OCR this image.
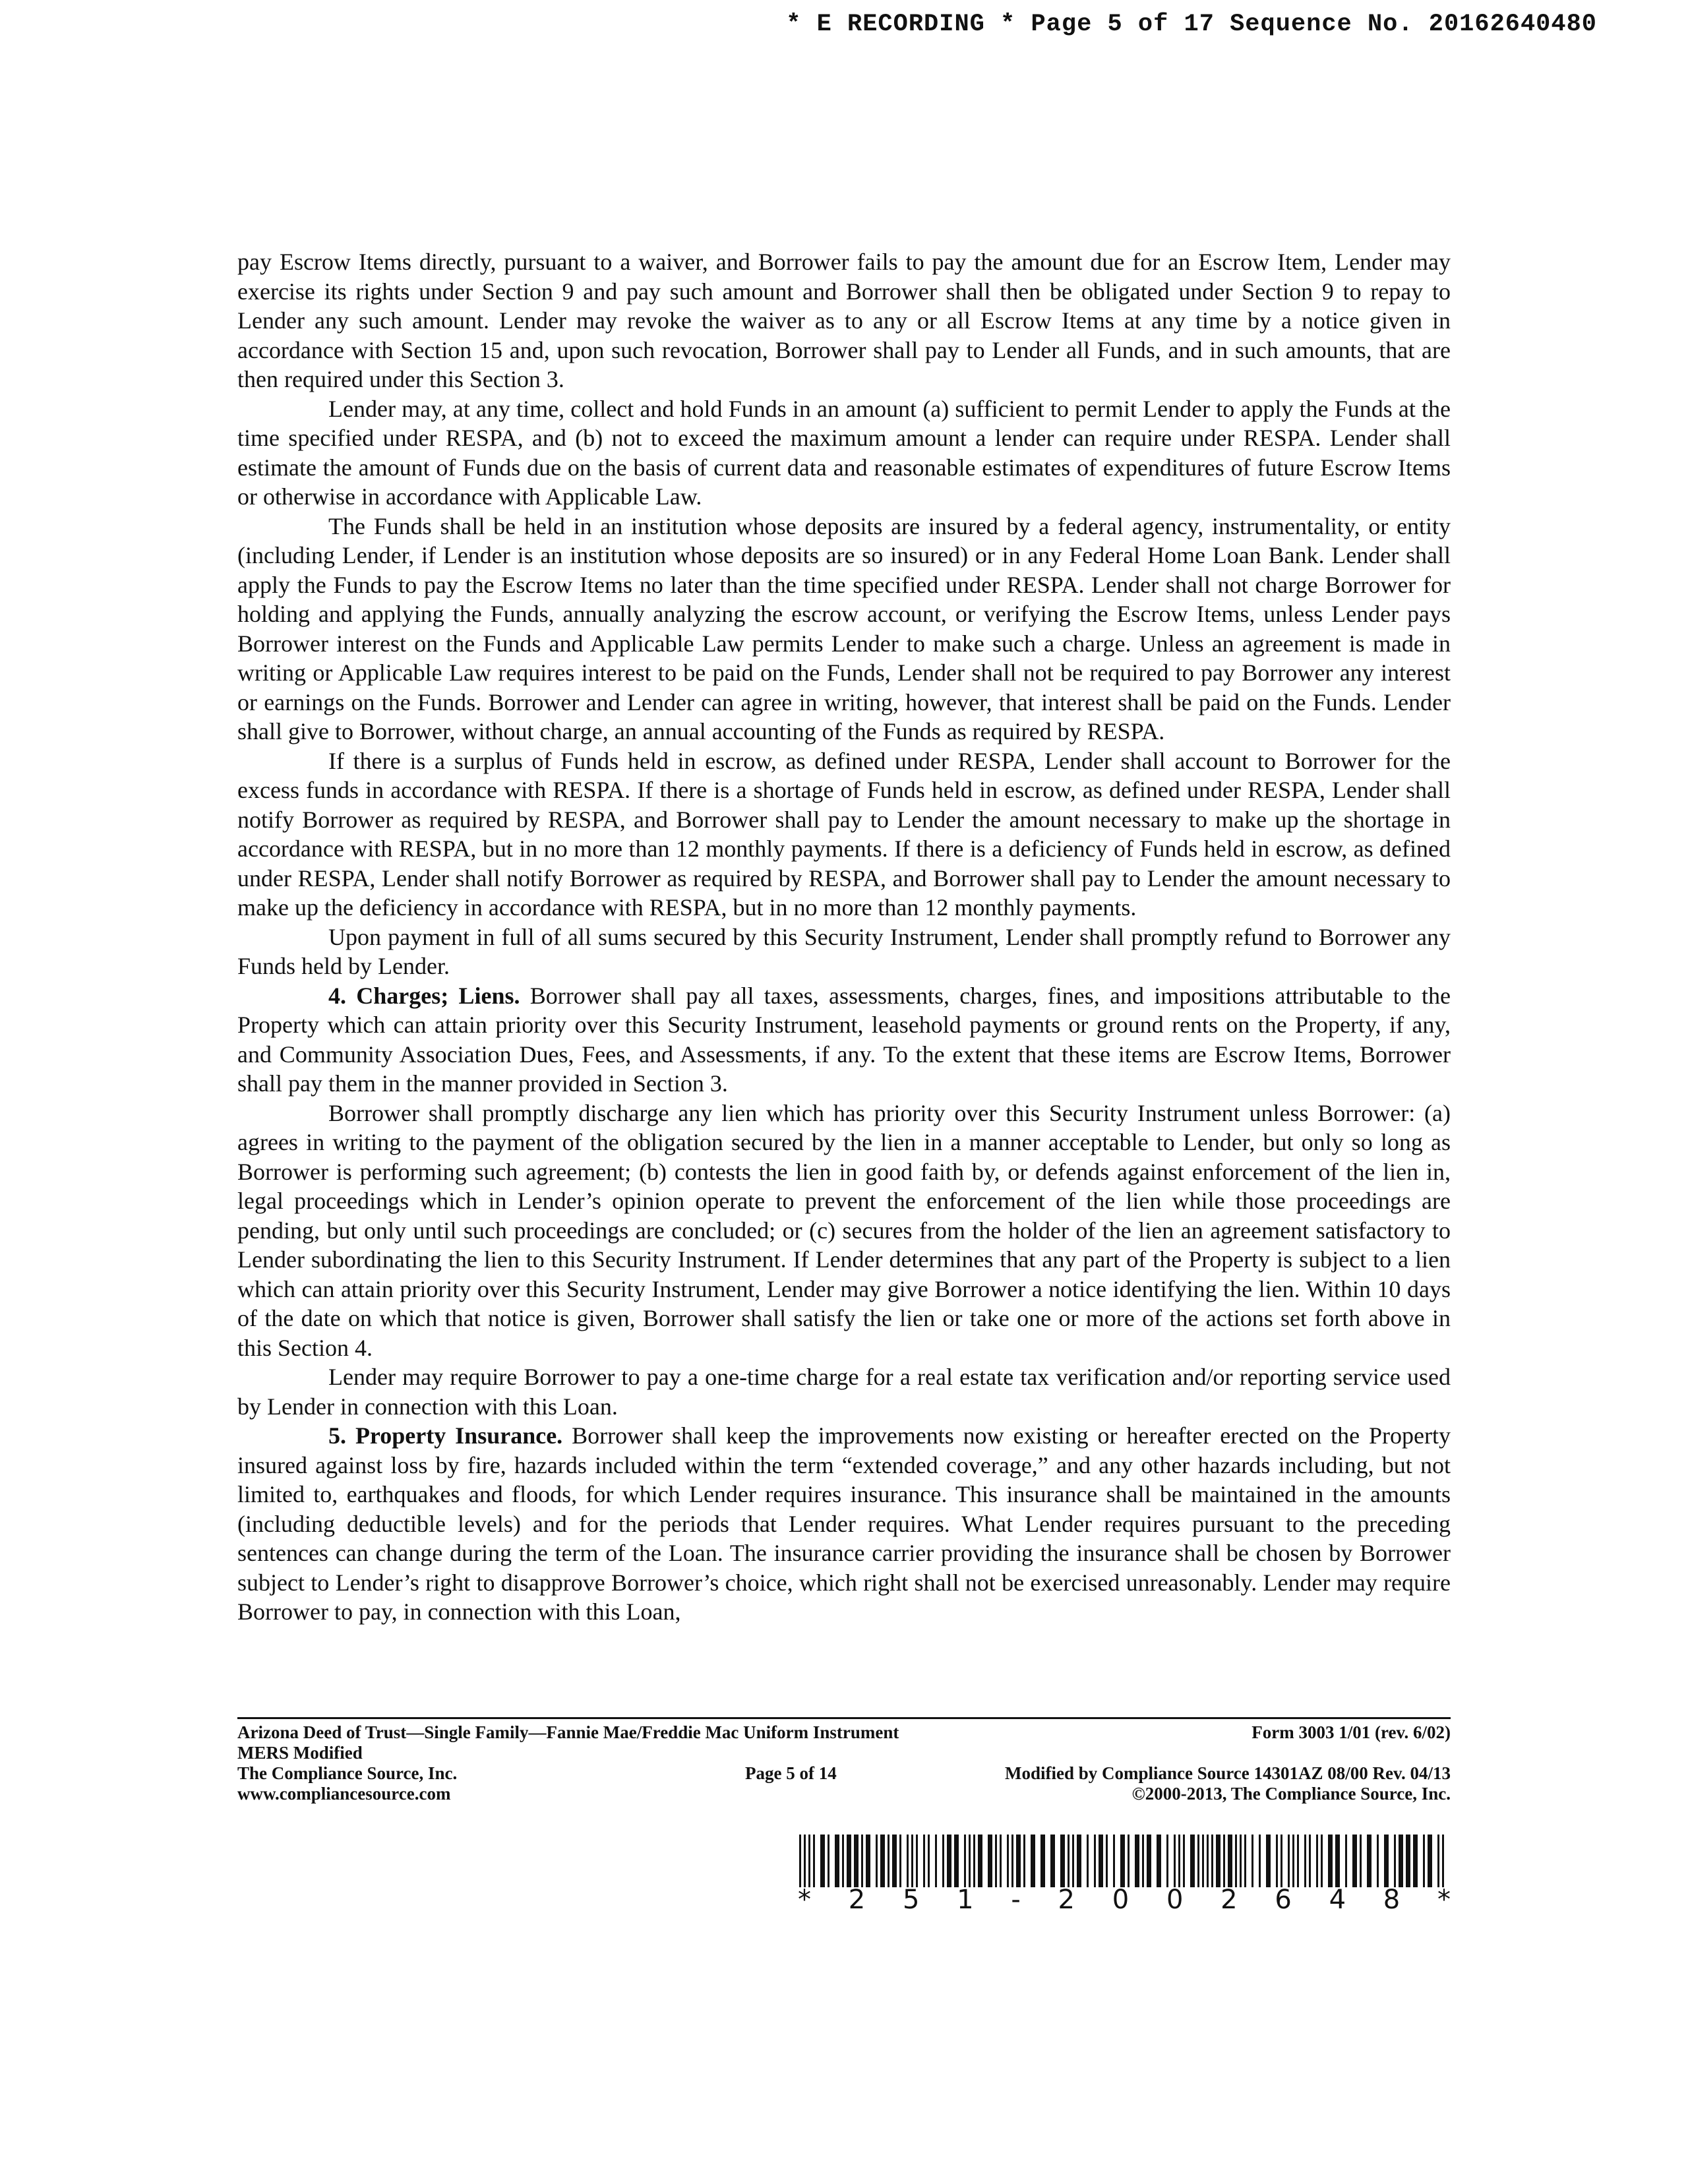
* E RECORDING * Page 5 of 17 Sequence No. 20162640480

pay Escrow Items directly, pursuant to a waiver, and Borrower fails to pay the amount due for an Escrow Item, Lender may exercise its rights under Section 9 and pay such amount and Borrower shall then be obligated under Section 9 to repay to Lender any such amount. Lender may revoke the waiver as to any or all Escrow Items at any time by a notice given in accordance with Section 15 and, upon such revocation, Borrower shall pay to Lender all Funds, and in such amounts, that are then required under this Section 3.

Lender may, at any time, collect and hold Funds in an amount (a) sufficient to permit Lender to apply the Funds at the time specified under RESPA, and (b) not to exceed the maximum amount a lender can require under RESPA. Lender shall estimate the amount of Funds due on the basis of current data and reasonable estimates of expenditures of future Escrow Items or otherwise in accordance with Applicable Law.

The Funds shall be held in an institution whose deposits are insured by a federal agency, instrumentality, or entity (including Lender, if Lender is an institution whose deposits are so insured) or in any Federal Home Loan Bank. Lender shall apply the Funds to pay the Escrow Items no later than the time specified under RESPA. Lender shall not charge Borrower for holding and applying the Funds, annually analyzing the escrow account, or verifying the Escrow Items, unless Lender pays Borrower interest on the Funds and Applicable Law permits Lender to make such a charge. Unless an agreement is made in writing or Applicable Law requires interest to be paid on the Funds, Lender shall not be required to pay Borrower any interest or earnings on the Funds. Borrower and Lender can agree in writing, however, that interest shall be paid on the Funds. Lender shall give to Borrower, without charge, an annual accounting of the Funds as required by RESPA.

If there is a surplus of Funds held in escrow, as defined under RESPA, Lender shall account to Borrower for the excess funds in accordance with RESPA. If there is a shortage of Funds held in escrow, as defined under RESPA, Lender shall notify Borrower as required by RESPA, and Borrower shall pay to Lender the amount necessary to make up the shortage in accordance with RESPA, but in no more than 12 monthly payments. If there is a deficiency of Funds held in escrow, as defined under RESPA, Lender shall notify Borrower as required by RESPA, and Borrower shall pay to Lender the amount necessary to make up the deficiency in accordance with RESPA, but in no more than 12 monthly payments.

Upon payment in full of all sums secured by this Security Instrument, Lender shall promptly refund to Borrower any Funds held by Lender.

4. Charges; Liens. Borrower shall pay all taxes, assessments, charges, fines, and impositions attributable to the Property which can attain priority over this Security Instrument, leasehold payments or ground rents on the Property, if any, and Community Association Dues, Fees, and Assessments, if any. To the extent that these items are Escrow Items, Borrower shall pay them in the manner provided in Section 3.

Borrower shall promptly discharge any lien which has priority over this Security Instrument unless Borrower: (a) agrees in writing to the payment of the obligation secured by the lien in a manner acceptable to Lender, but only so long as Borrower is performing such agreement; (b) contests the lien in good faith by, or defends against enforcement of the lien in, legal proceedings which in Lender’s opinion operate to prevent the enforcement of the lien while those proceedings are pending, but only until such proceedings are concluded; or (c) secures from the holder of the lien an agreement satisfactory to Lender subordinating the lien to this Security Instrument. If Lender determines that any part of the Property is subject to a lien which can attain priority over this Security Instrument, Lender may give Borrower a notice identifying the lien. Within 10 days of the date on which that notice is given, Borrower shall satisfy the lien or take one or more of the actions set forth above in this Section 4.

Lender may require Borrower to pay a one-time charge for a real estate tax verification and/or reporting service used by Lender in connection with this Loan.

5. Property Insurance. Borrower shall keep the improvements now existing or hereafter erected on the Property insured against loss by fire, hazards included within the term “extended coverage,” and any other hazards including, but not limited to, earthquakes and floods, for which Lender requires insurance. This insurance shall be maintained in the amounts (including deductible levels) and for the periods that Lender requires. What Lender requires pursuant to the preceding sentences can change during the term of the Loan. The insurance carrier providing the insurance shall be chosen by Borrower subject to Lender’s right to disapprove Borrower’s choice, which right shall not be exercised unreasonably. Lender may require Borrower to pay, in connection with this Loan,

Arizona Deed of Trust—Single Family—Fannie Mae/Freddie Mac Uniform Instrument	Form 3003 1/01 (rev. 6/02)
MERS Modified
The Compliance Source, Inc.	Page 5 of 14	Modified by Compliance Source 14301AZ 08/00 Rev. 04/13
www.compliancesource.com	©2000-2013, The Compliance Source, Inc.
* 2 5 1 - 2 0 0 2 6 4 8 *
